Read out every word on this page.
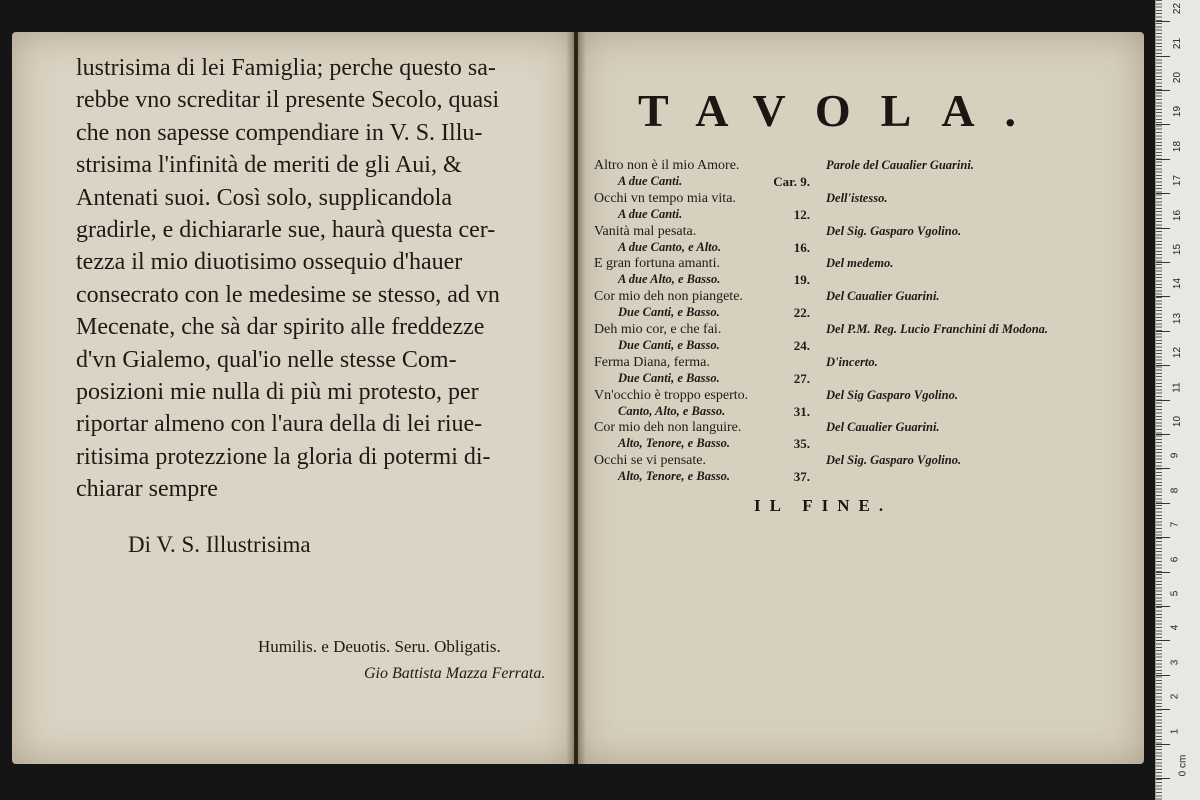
lustrisima di lei Famiglia; perche questo sa-
rebbe vno screditar il presente Secolo, quasi
che non sapesse compendiare in V. S. Illu-
strisima l'infinità de meriti de gli Aui, &
Antenati suoi. Così solo, supplicandola
gradirle, e dichiararle sue, haurà questa cer-
tezza il mio diuotisimo ossequio d'hauer
consecrato con le medesime se stesso, ad vn
Mecenate, che sà dar spirito alle freddezze
d'vn Gialemo, qual'io nelle stesse Com-
posizioni mie nulla di più mi protesto, per
riportar almeno con l'aura della di lei riue-
ritisima protezzione la gloria di potermi di-
chiarar sempre
Di V. S. Illustrisima
Humilis. e Deuotis. Seru. Obligatis.
Gio Battista Mazza Ferrata.
TAVOLA.
Altro non è il mio Amore.
A due Canti.	Car. 9.
Parole del Caualier Guarini.
Occhi vn tempo mia vita.
A due Canti.	12.
Dell'istesso.
Vanità mal pesata.
A due Canto, e Alto.	16.
Del Sig. Gasparo Vgolino.
E gran fortuna amanti.
A due Alto, e Basso.	19.
Del medemo.
Cor mio deh non piangete.
Due Canti, e Basso.	22.
Del Caualier Guarini.
Deh mio cor, e che fai.
Due Canti, e Basso.	24.
Del P.M. Reg. Lucio Franchini di Modona.
Ferma Diana, ferma.
Due Canti, e Basso.	27.
D'incerto.
Vn'occhio è troppo esperto.
Canto, Alto, e Basso.	31.
Del Sig Gasparo Vgolino.
Cor mio deh non languire.
Alto, Tenore, e Basso.	35.
Del Caualier Guarini.
Occhi se vi pensate.
Alto, Tenore, e Basso.	37.
Del Sig. Gasparo Vgolino.
IL FINE.
0 cm
1
2
3
4
5
6
7
8
9
10
11
12
13
14
15
16
17
18
19
20
21
22
